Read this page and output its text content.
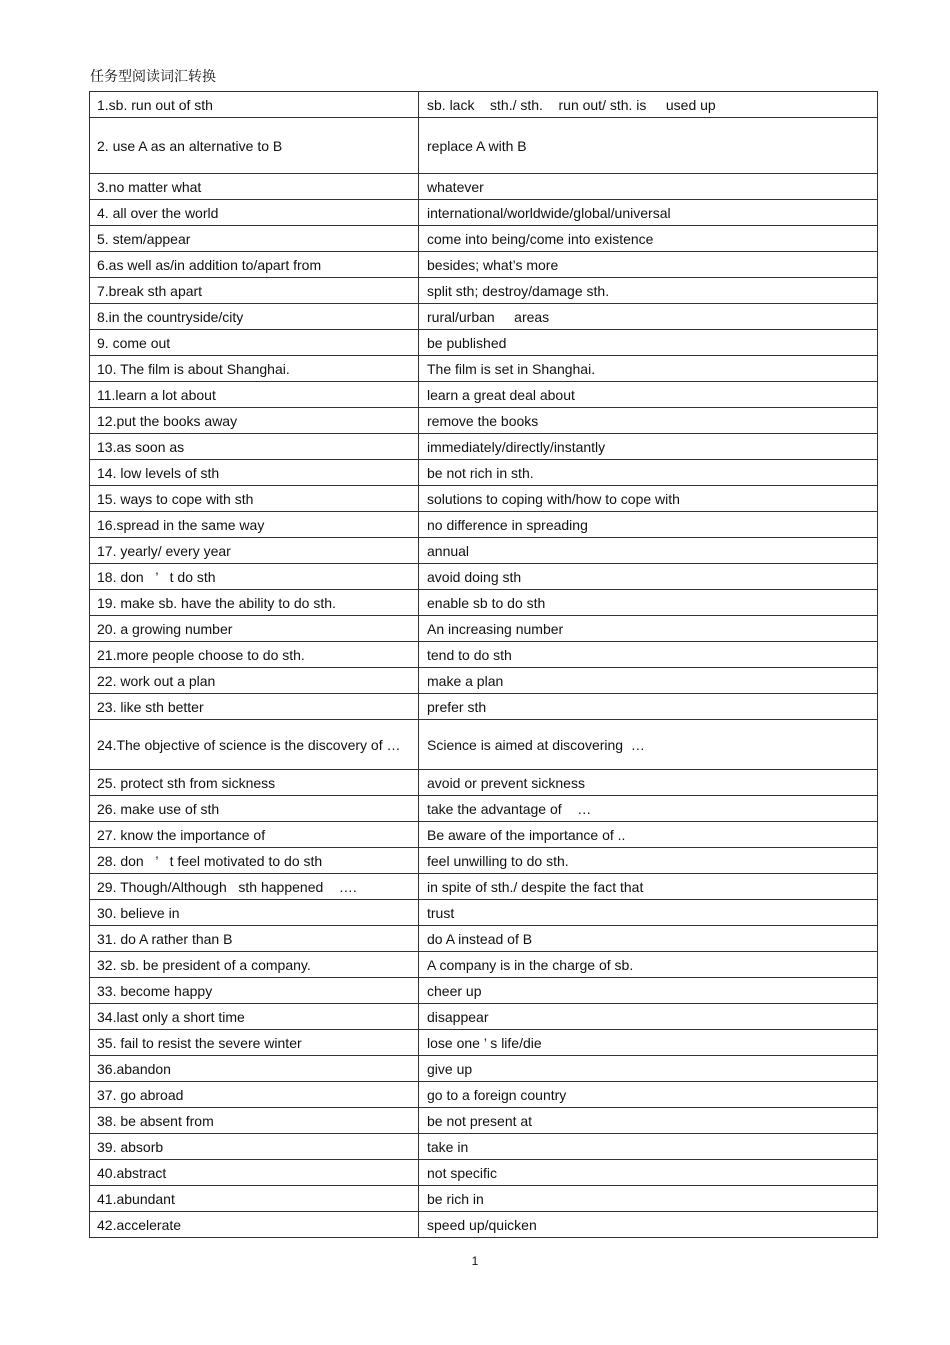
任务型阅读词汇转换
1.sb. run out of sth	sb. lack    sth./ sth.    run out/ sth. is     used up
2. use A as an alternative to B	replace A with B
3.no matter what	whatever
4. all over the world	international/worldwide/global/universal
5. stem/appear	come into being/come into existence
6.as well as/in addition to/apart from	besides; what’s more
7.break sth apart	split sth; destroy/damage sth.
8.in the countryside/city	rural/urban     areas
9. come out	be published
10. The film is about Shanghai.	The film is set in Shanghai.
11.learn a lot about	learn a great deal about
12.put the books away	remove the books
13.as soon as	immediately/directly/instantly
14. low levels of sth	be not rich in sth.
15. ways to cope with sth	solutions to coping with/how to cope with
16.spread in the same way	no difference in spreading
17. yearly/ every year	annual
18. don   ’   t do sth	avoid doing sth
19. make sb. have the ability to do sth.	enable sb to do sth
20. a growing number	An increasing number
21.more people choose to do sth.	tend to do sth
22. work out a plan	make a plan
23. like sth better	prefer sth
24.The objective of science is the discovery of …	Science is aimed at discovering  …
25. protect sth from sickness	avoid or prevent sickness
26. make use of sth	take the advantage of    …
27. know the importance of	Be aware of the importance of ..
28. don   ’   t feel motivated to do sth	feel unwilling to do sth.
29. Though/Although   sth happened    ….	in spite of sth./ despite the fact that
30. believe in	trust
31. do A rather than B	do A instead of B
32. sb. be president of a company.	A company is in the charge of sb.
33. become happy	cheer up
34.last only a short time	disappear
35. fail to resist the severe winter	lose one ’ s life/die
36.abandon	give up
37. go abroad	go to a foreign country
38. be absent from	be not present at
39. absorb	take in
40.abstract	not specific
41.abundant	be rich in
42.accelerate	speed up/quicken
1
